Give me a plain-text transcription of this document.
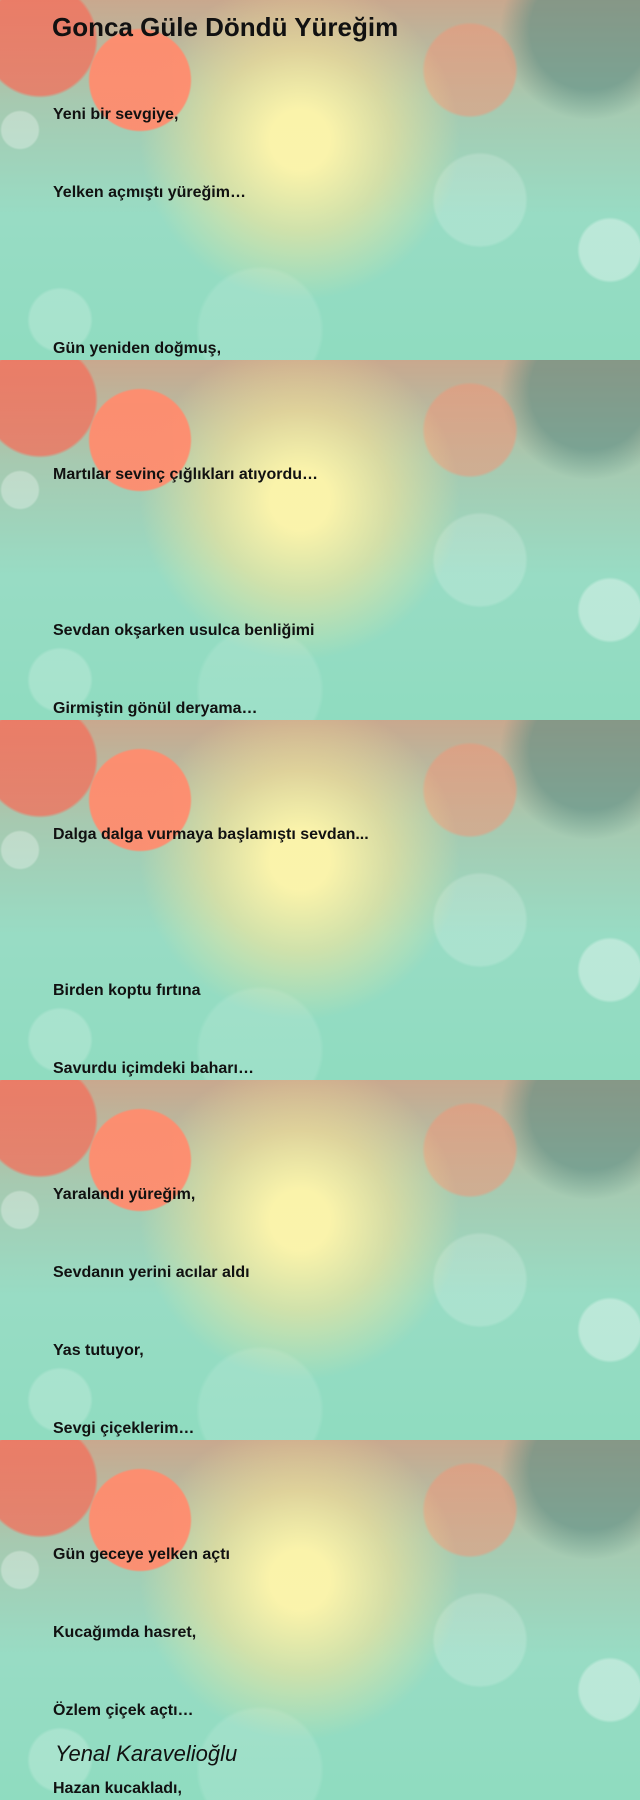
Gonca Güle Döndü Yüreğim

Yeni bir sevgiye,

Yelken açmıştı yüreğim…

Gün yeniden doğmuş,

Martılar sevinç çığlıkları atıyordu…

Sevdan okşarken usulca benliğimi

Girmiştin gönül deryama…

Dalga dalga vurmaya başlamıştı sevdan...

Birden koptu fırtına

Savurdu içimdeki baharı…

Yaralandı yüreğim,

Sevdanın yerini acılar aldı

Yas tutuyor,

Sevgi çiçeklerim…

Gün geceye yelken açtı

Kucağımda hasret,

Özlem çiçek açtı…

Hazan kucakladı,

Yenal Karavelioğlu
